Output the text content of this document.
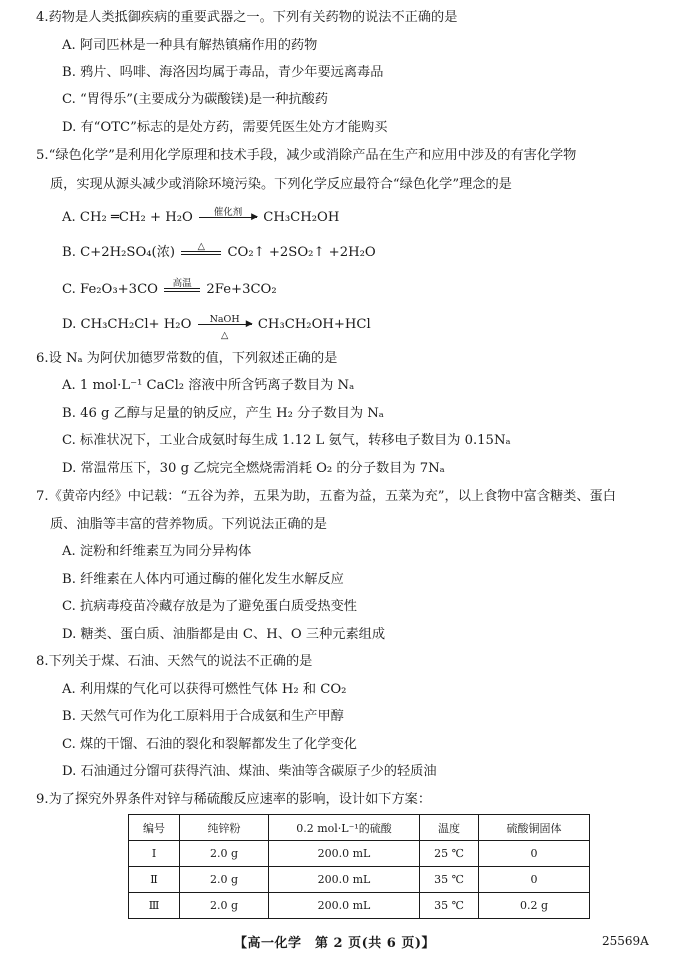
4.药物是人类抵御疾病的重要武器之一。下列有关药物的说法不正确的是
A. 阿司匹林是一种具有解热镇痛作用的药物
B. 鸦片、吗啡、海洛因均属于毒品，青少年要远离毒品
C. “胃得乐”(主要成分为碳酸镁)是一种抗酸药
D. 有“OTC”标志的是处方药，需要凭医生处方才能购买
5.“绿色化学”是利用化学原理和技术手段，减少或消除产品在生产和应用中涉及的有害化学物
质，实现从源头减少或消除环境污染。下列化学反应最符合“绿色化学”理念的是
A. CH₂ ═CH₂ + H₂O	催化剂 ▶ CH₃CH₂OH
B. C+2H₂SO₄(浓)	△	CO₂↑ +2SO₂↑ +2H₂O
C. Fe₂O₃+3CO	高温	2Fe+3CO₂
D. CH₃CH₂Cl+ H₂O	NaOH ▶
△
CH₃CH₂OH+HCl
6.设 Nₐ 为阿伏加德罗常数的值，下列叙述正确的是
A. 1 mol·L⁻¹ CaCl₂ 溶液中所含钙离子数目为 Nₐ
B. 46 g 乙醇与足量的钠反应，产生 H₂ 分子数目为 Nₐ
C. 标准状况下，工业合成氨时每生成 1.12 L 氨气，转移电子数目为 0.15Nₐ
D. 常温常压下，30 g 乙烷完全燃烧需消耗 O₂ 的分子数目为 7Nₐ
7.《黄帝内经》中记载：“五谷为养，五果为助，五畜为益，五菜为充”，以上食物中富含糖类、蛋白
质、油脂等丰富的营养物质。下列说法正确的是
A. 淀粉和纤维素互为同分异构体
B. 纤维素在人体内可通过酶的催化发生水解反应
C. 抗病毒疫苗冷藏存放是为了避免蛋白质受热变性
D. 糖类、蛋白质、油脂都是由 C、H、O 三种元素组成
8.下列关于煤、石油、天然气的说法不正确的是
A. 利用煤的气化可以获得可燃性气体 H₂ 和 CO₂
B. 天然气可作为化工原料用于合成氨和生产甲醇
C. 煤的干馏、石油的裂化和裂解都发生了化学变化
D. 石油通过分馏可获得汽油、煤油、柴油等含碳原子少的轻质油
9.为了探究外界条件对锌与稀硫酸反应速率的影响，设计如下方案：
编号	纯锌粉	0.2 mol·L⁻¹的硫酸	温度	硫酸铜固体
Ⅰ	2.0 g	200.0 mL	25 ℃	0
Ⅱ	2.0 g	200.0 mL	35 ℃	0
Ⅲ	2.0 g	200.0 mL	35 ℃	0.2 g
【高一化学　第 2 页(共 6 页)】	25569A
